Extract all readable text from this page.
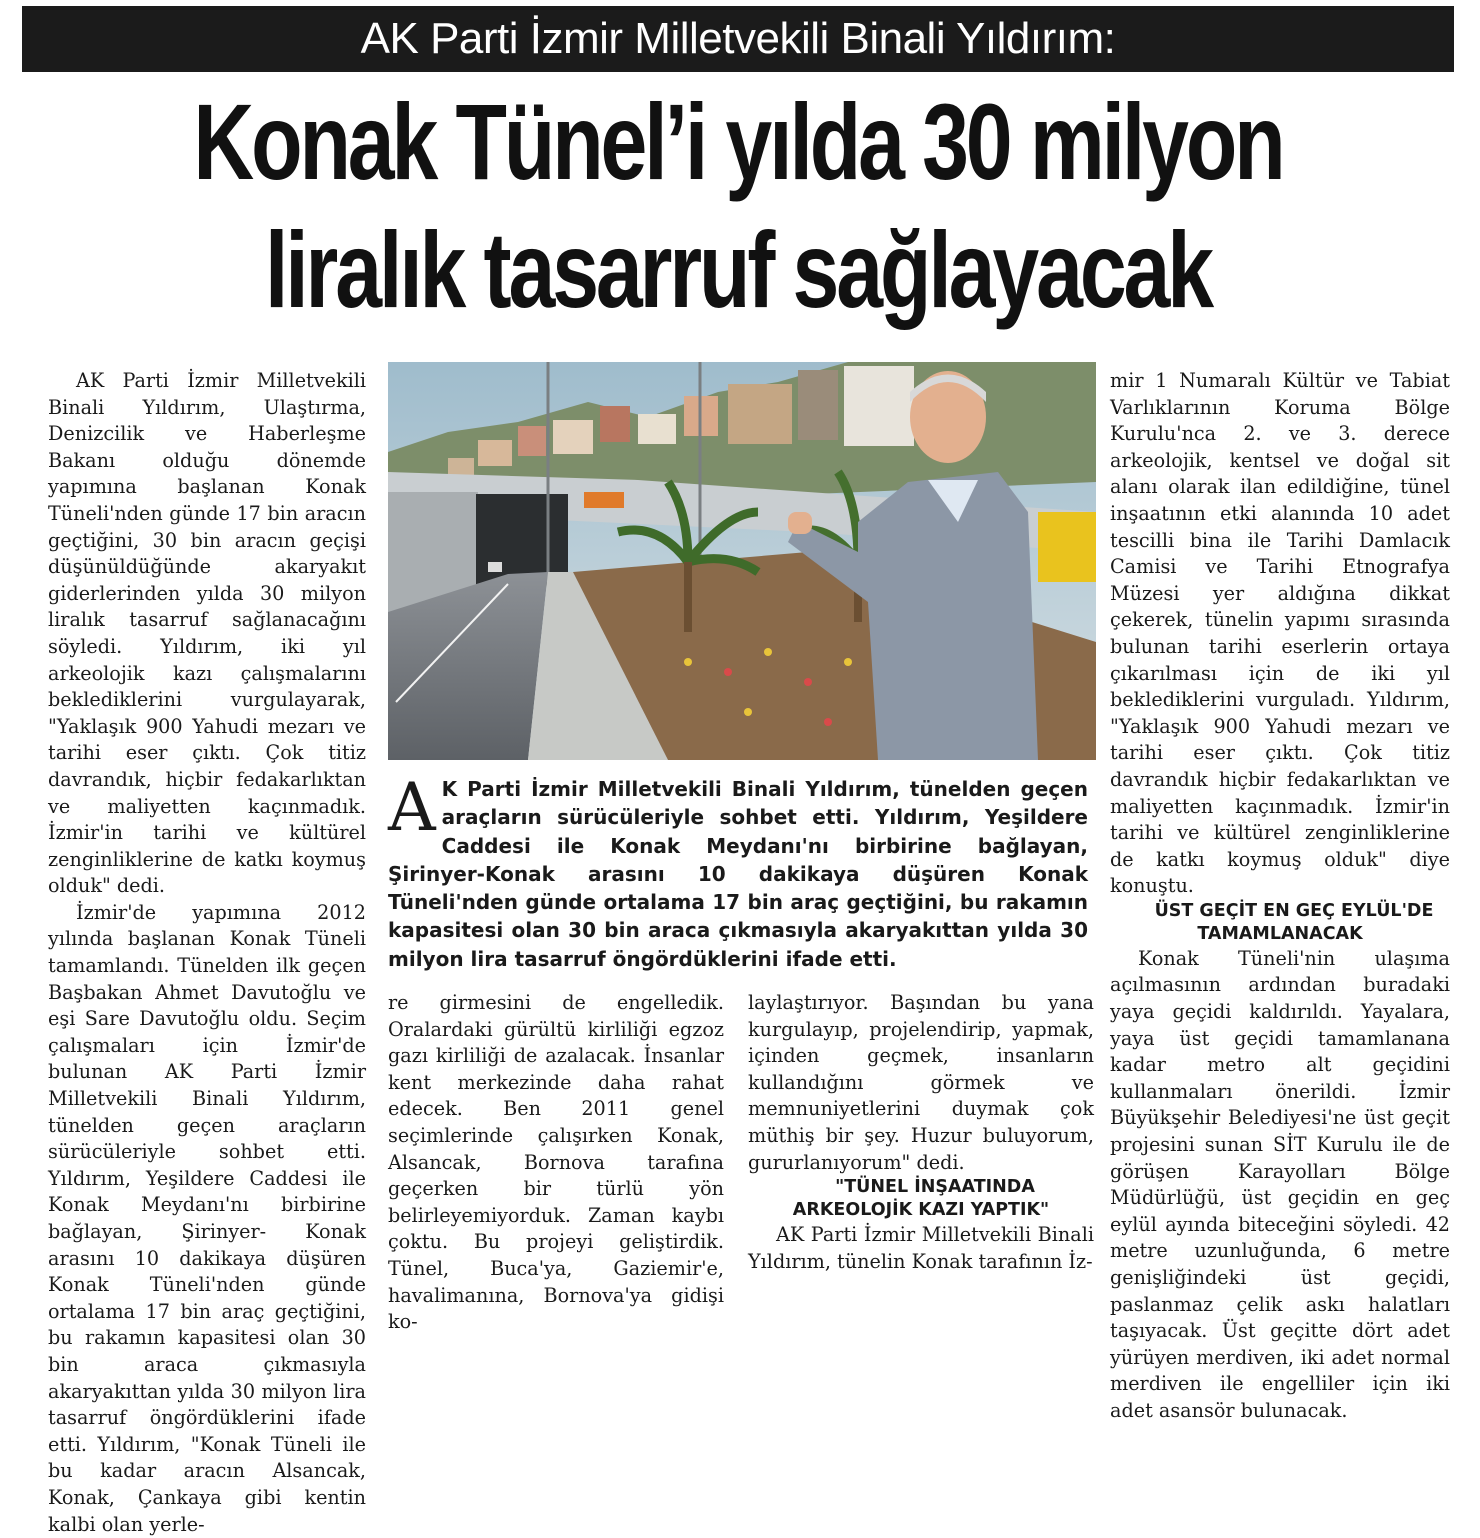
AK Parti İzmir Milletvekili Binali Yıldırım:
Konak Tünel’i yılda 30 milyon
liralık tasarruf sağlayacak

AK Parti İzmir Milletvekili Binali Yıldırım, Ulaştırma, Denizcilik ve Haberleşme Bakanı olduğu dönemde yapımına başlanan Konak Tüneli'nden günde 17 bin aracın geçtiğini, 30 bin aracın geçişi düşünüldüğünde akaryakıt giderlerinden yılda 30 milyon liralık tasarruf sağlanacağını söyledi. Yıldırım, iki yıl arkeolojik kazı çalışmalarını beklediklerini vurgulayarak, "Yaklaşık 900 Yahudi mezarı ve tarihi eser çıktı. Çok titiz davrandık, hiçbir fedakarlıktan ve maliyetten kaçınmadık. İzmir'in tarihi ve kültürel zenginliklerine de katkı koymuş olduk" dedi.

İzmir'de yapımına 2012 yılında başlanan Konak Tüneli tamamlandı. Tünelden ilk geçen Başbakan Ahmet Davutoğlu ve eşi Sare Davutoğlu oldu. Seçim çalışmaları için İzmir'de bulunan AK Parti İzmir Milletvekili Binali Yıldırım, tünelden geçen araçların sürücüleriyle sohbet etti. Yıldırım, Yeşildere Caddesi ile Konak Meydanı'nı birbirine bağlayan, Şirinyer- Konak arasını 10 dakikaya düşüren Konak Tüneli'nden günde ortalama 17 bin araç geçtiğini, bu rakamın kapasitesi olan 30 bin araca çıkmasıyla akaryakıttan yılda 30 milyon lira tasarruf öngördüklerini ifade etti. Yıldırım, "Konak Tüneli ile bu kadar aracın Alsancak, Konak, Çankaya gibi kentin kalbi olan yerle-

A K Parti İzmir Milletvekili Binali Yıldırım, tünelden geçen araçların sürücüleriyle sohbet etti. Yıldırım, Yeşildere Caddesi ile Konak Meydanı'nı birbirine bağlayan, Şirinyer-Konak arasını 10 dakikaya düşüren Konak Tüneli'nden günde ortalama 17 bin araç geçtiğini, bu rakamın kapasitesi olan 30 bin araca çıkmasıyla akaryakıttan yılda 30 milyon lira tasarruf öngördüklerini ifade etti.

re girmesini de engelledik. Oralardaki gürültü kirliliği egzoz gazı kirliliği de azalacak. İnsanlar kent merkezinde daha rahat edecek. Ben 2011 genel seçimlerinde çalışırken Konak, Alsancak, Bornova tarafına geçerken bir türlü yön belirleyemiyorduk. Zaman kaybı çoktu. Bu projeyi geliştirdik. Tünel, Buca'ya, Gaziemir'e, havalimanına, Bornova'ya gidişi ko-

laylaştırıyor. Başından bu yana kurgulayıp, projelendirip, yapmak, içinden geçmek, insanların kullandığını görmek ve memnuniyetlerini duymak çok müthiş bir şey. Huzur buluyorum, gururlanıyorum" dedi.

"TÜNEL İNŞAATINDA ARKEOLOJİK KAZI YAPTIK"

AK Parti İzmir Milletvekili Binali Yıldırım, tünelin Konak tarafının İz-

mir 1 Numaralı Kültür ve Tabiat Varlıklarının Koruma Bölge Kurulu'nca 2. ve 3. derece arkeolojik, kentsel ve doğal sit alanı olarak ilan edildiğine, tünel inşaatının etki alanında 10 adet tescilli bina ile Tarihi Damlacık Camisi ve Tarihi Etnografya Müzesi yer aldığına dikkat çekerek, tünelin yapımı sırasında bulunan tarihi eserlerin ortaya çıkarılması için de iki yıl beklediklerini vurguladı. Yıldırım, "Yaklaşık 900 Yahudi mezarı ve tarihi eser çıktı. Çok titiz davrandık hiçbir fedakarlıktan ve maliyetten kaçınmadık. İzmir'in tarihi ve kültürel zenginliklerine de katkı koymuş olduk" diye konuştu.

ÜST GEÇİT EN GEÇ EYLÜL'DE TAMAMLANACAK

Konak Tüneli'nin ulaşıma açılmasının ardından buradaki yaya geçidi kaldırıldı. Yayalara, yaya üst geçidi tamamlanana kadar metro alt geçidini kullanmaları önerildi. İzmir Büyükşehir Belediyesi'ne üst geçit projesini sunan SİT Kurulu ile de görüşen Karayolları Bölge Müdürlüğü, üst geçidin en geç eylül ayında biteceğini söyledi. 42 metre uzunluğunda, 6 metre genişliğindeki üst geçidi, paslanmaz çelik askı halatları taşıyacak. Üst geçitte dört adet yürüyen merdiven, iki adet normal merdiven ile engelliler için iki adet asansör bulunacak.
